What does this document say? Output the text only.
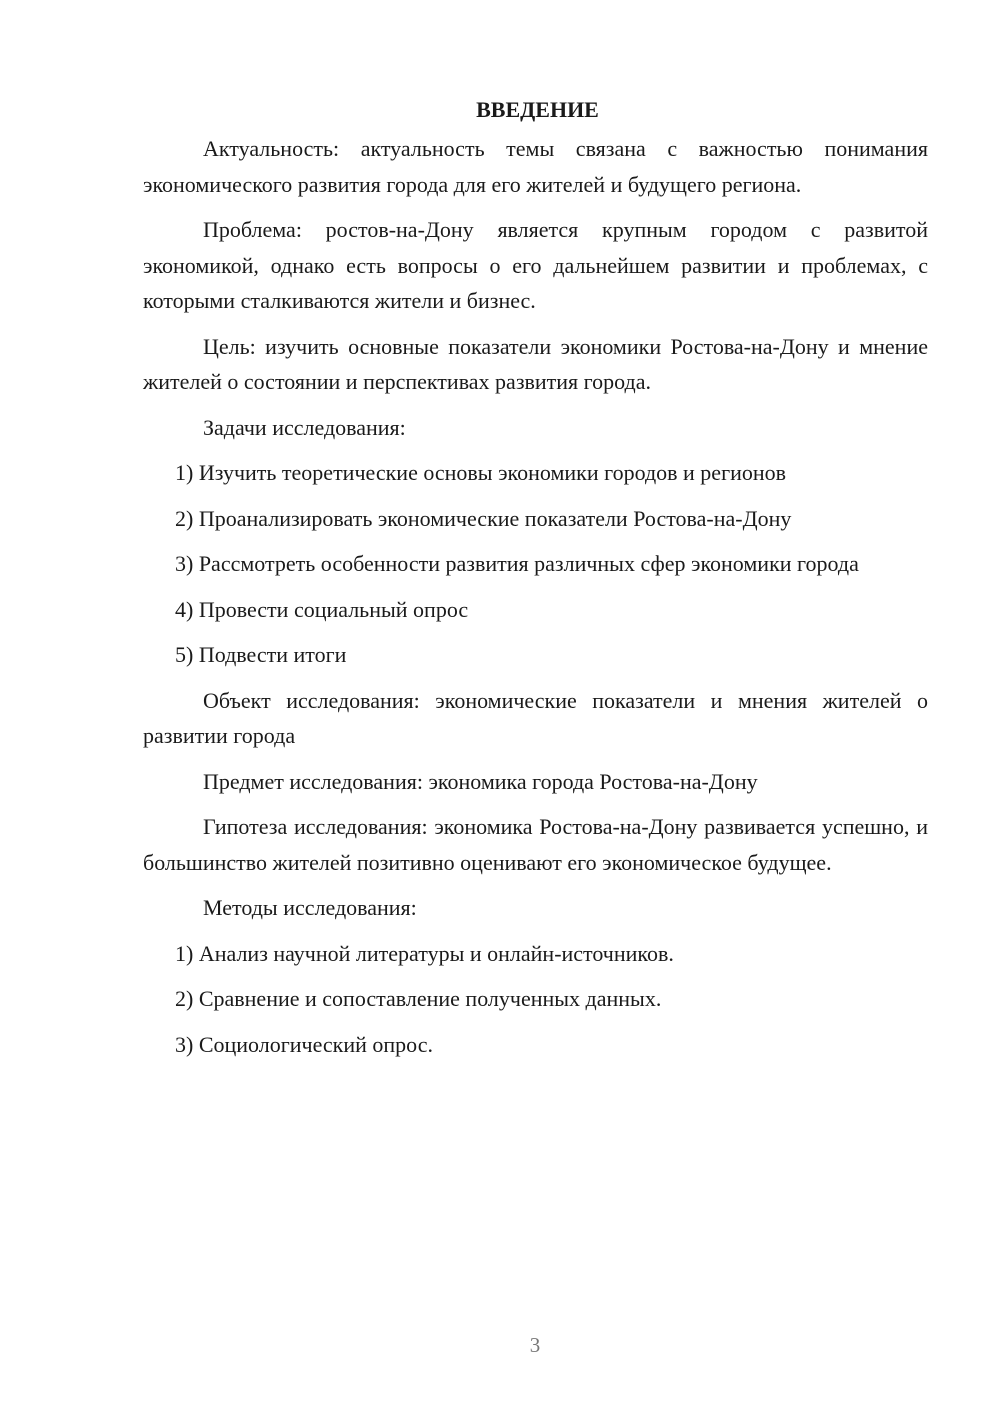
ВВЕДЕНИЕ

Актуальность: актуальность темы связана с важностью понимания экономического развития города для его жителей и будущего региона.

Проблема: ростов-на-Дону является крупным городом с развитой экономикой, однако есть вопросы о его дальнейшем развитии и проблемах, с которыми сталкиваются жители и бизнес.

Цель: изучить основные показатели экономики Ростова-на-Дону и мнение жителей о состоянии и перспективах развития города.

Задачи исследования:

1) Изучить теоретические основы экономики городов и регионов

2) Проанализировать экономические показатели Ростова-на-Дону

3) Рассмотреть особенности развития различных сфер экономики города

4) Провести социальный опрос

5) Подвести итоги

Объект исследования: экономические показатели и мнения жителей о развитии города

Предмет исследования: экономика города Ростова-на-Дону

Гипотеза исследования: экономика Ростова-на-Дону развивается успешно, и большинство жителей позитивно оценивают его экономическое будущее.

Методы исследования:

1) Анализ научной литературы и онлайн-источников.

2) Сравнение и сопоставление полученных данных.

3) Социологический опрос.

3
